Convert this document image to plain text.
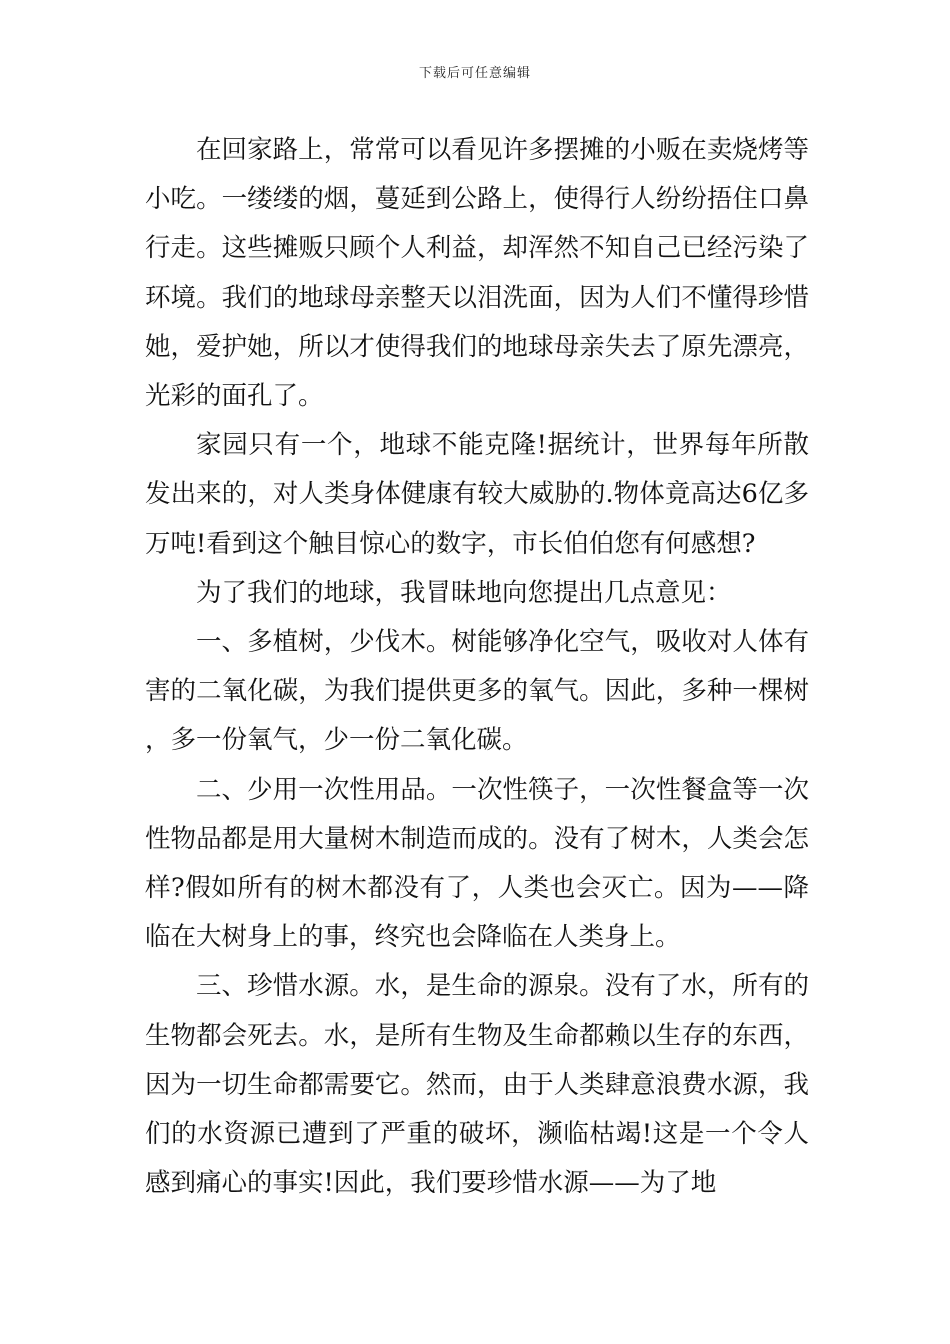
下载后可任意编辑

在回家路上，常常可以看见许多摆摊的小贩在卖烧烤等小吃。一缕缕的烟，蔓延到公路上，使得行人纷纷捂住口鼻行走。这些摊贩只顾个人利益，却浑然不知自己已经污染了环境。我们的地球母亲整天以泪洗面，因为人们不懂得珍惜她，爱护她，所以才使得我们的地球母亲失去了原先漂亮，光彩的面孔了。

家园只有一个，地球不能克隆!据统计，世界每年所散发出来的，对人类身体健康有较大威胁的.物体竟高达6亿多万吨!看到这个触目惊心的数字，市长伯伯您有何感想?

为了我们的地球，我冒昧地向您提出几点意见：

一、多植树，少伐木。树能够净化空气，吸收对人体有害的二氧化碳，为我们提供更多的氧气。因此，多种一棵树，多一份氧气，少一份二氧化碳。

二、少用一次性用品。一次性筷子，一次性餐盒等一次性物品都是用大量树木制造而成的。没有了树木，人类会怎样?假如所有的树木都没有了，人类也会灭亡。因为——降临在大树身上的事，终究也会降临在人类身上。

三、珍惜水源。水，是生命的源泉。没有了水，所有的生物都会死去。水，是所有生物及生命都赖以生存的东西，因为一切生命都需要它。然而，由于人类肆意浪费水源，我们的水资源已遭到了严重的破坏，濒临枯竭!这是一个令人感到痛心的事实!因此，我们要珍惜水源——为了地
